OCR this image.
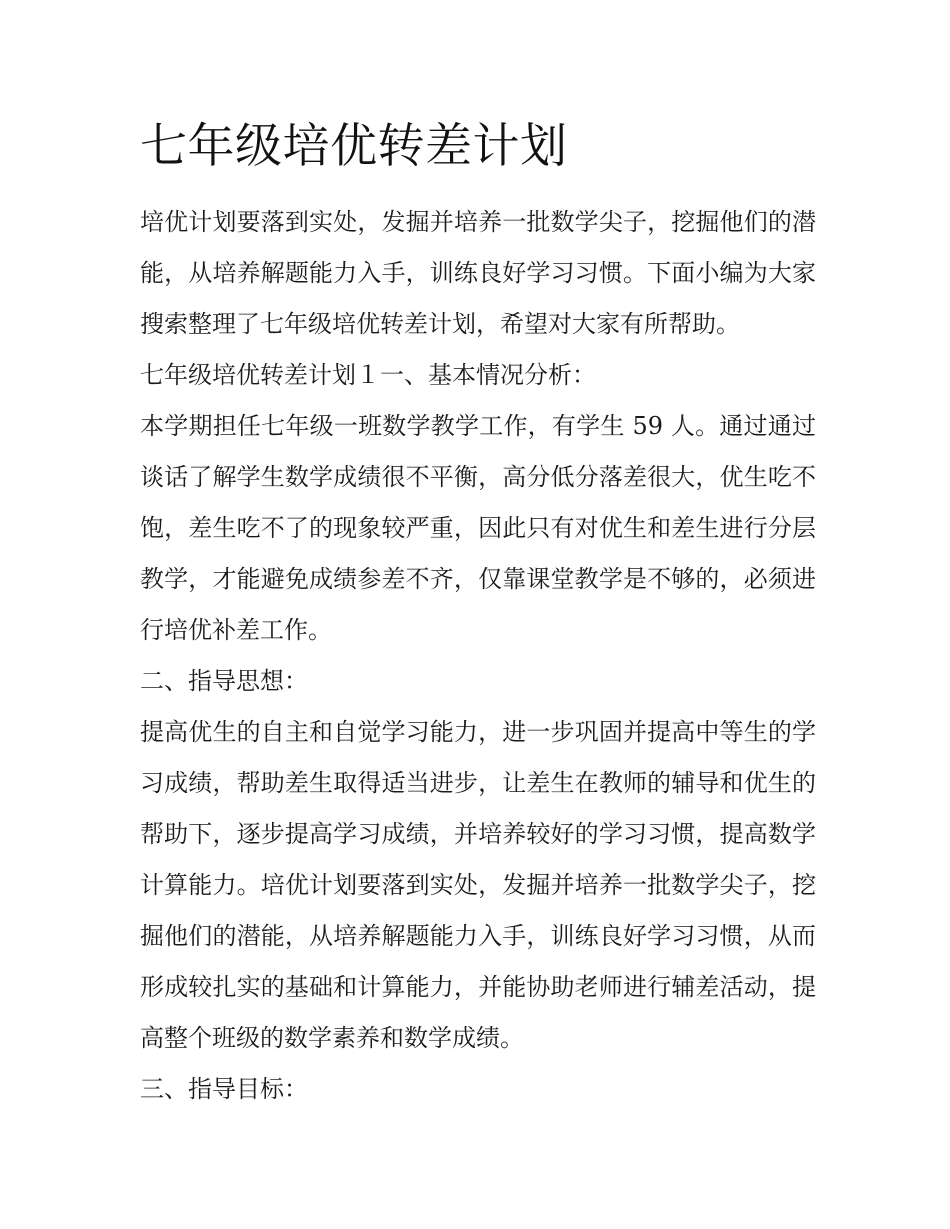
七年级培优转差计划

培优计划要落到实处，发掘并培养一批数学尖子，挖掘他们的潜能，从培养解题能力入手，训练良好学习习惯。下面小编为大家搜索整理了七年级培优转差计划，希望对大家有所帮助。

七年级培优转差计划１一、基本情况分析：

本学期担任七年级一班数学教学工作，有学生 59 人。通过通过谈话了解学生数学成绩很不平衡，高分低分落差很大，优生吃不饱，差生吃不了的现象较严重，因此只有对优生和差生进行分层教学，才能避免成绩参差不齐，仅靠课堂教学是不够的，必须进行培优补差工作。

二、指导思想：

提高优生的自主和自觉学习能力，进一步巩固并提高中等生的学习成绩，帮助差生取得适当进步，让差生在教师的辅导和优生的帮助下，逐步提高学习成绩，并培养较好的学习习惯，提高数学计算能力。培优计划要落到实处，发掘并培养一批数学尖子，挖掘他们的潜能，从培养解题能力入手，训练良好学习习惯，从而形成较扎实的基础和计算能力，并能协助老师进行辅差活动，提高整个班级的数学素养和数学成绩。

三、指导目标：
